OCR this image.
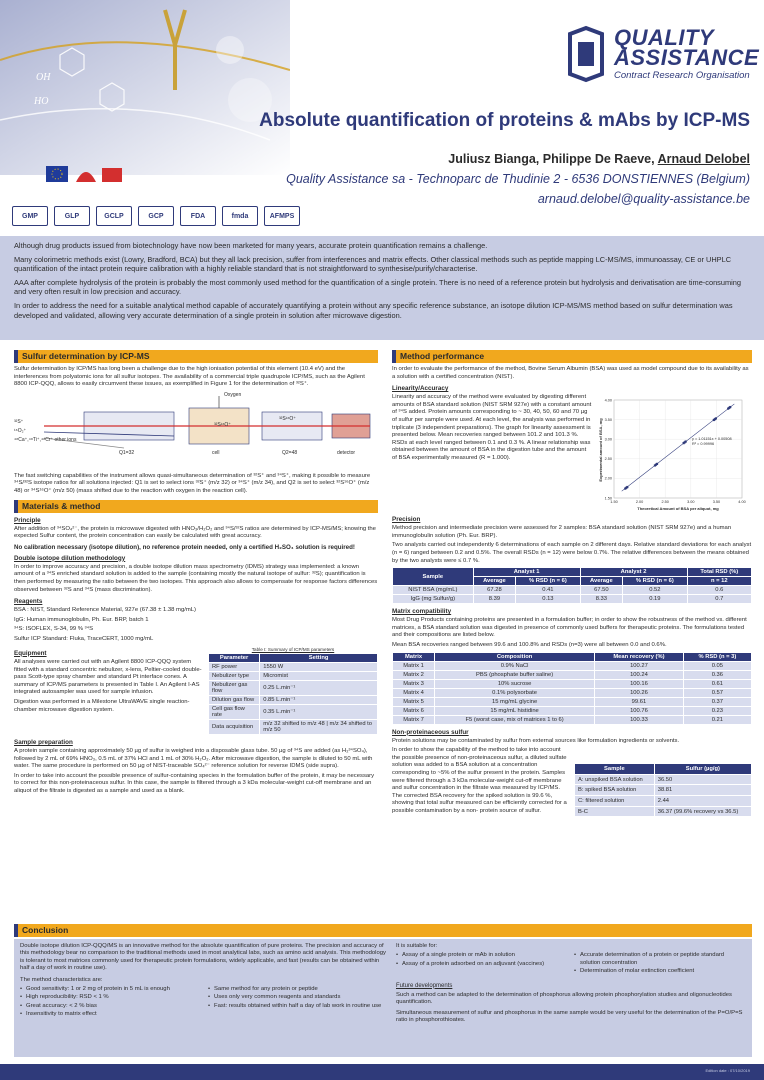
OH
HO
QUALITY
ASSISTANCE
Contract Research Organisation
Absolute quantification of proteins & mAbs by ICP-MS
Juliusz Bianga, Philippe De Raeve, Arnaud Delobel
Quality Assistance sa - Technoparc de Thudinie 2 - 6536 DONSTIENNES (Belgium)
arnaud.delobel@quality-assistance.be
GMP	GLP	GCLP	GCP	FDA	fmda	AFMPS

Although drug products issued from biotechnology have now been marketed for many years, accurate protein quantification remains a challenge.

Many colorimetric methods exist (Lowry, Bradford, BCA) but they all lack precision, suffer from interferences and matrix effects. Other classical methods such as peptide mapping LC-MS/MS, immunoassay, CE or UHPLC quantification of the intact protein require calibration with a highly reliable standard that is not straightforward to synthesise/purify/characterise.

AAA after complete hydrolysis of the protein is probably the most commonly used method for the quantification of a single protein. There is no need of a reference protein but hydrolysis and derivatisation are time-consuming and very often result in low precision and accuracy.

In order to address the need for a suitable analytical method capable of accurately quantifying a protein without any specific reference substance, an isotope dilution ICP-MS/MS method based on sulfur determination was developed and validated, allowing very accurate determination of a single protein in solution after microwave digestion.

Sulfur determination by ICP-MS

Sulfur determination by ICP/MS has long been a challenge due to the high ionisation potential of this element (10.4 eV) and the interferences from polyatomic ions for all sulfur isotopes. The availability of a commercial triple quadrupole ICP/MS, such as the Agilent 8800 ICP-QQQ, allows to easily circumvent these issues, as exemplified in Figure 1 for the determination of ³²S⁺.

³²S⁺
¹⁶O₂⁺
⁴⁸Ca⁺,⁴⁸Ti⁺,⁴⁸Cr⁺ other ions
Oxygen
³²S¹⁶O⁺
³²S¹⁶O⁺
Q1=32	cell	Q2=48	detector

The fast switching capabilities of the instrument allows quasi-simultaneous determination of ³²S⁺ and ³⁴S⁺, making it possible to measure ³⁴S/³²S isotope ratios for all solutions injected: Q1 is set to select ions ³²S⁺ (m/z 32) or ³⁴S⁺ (m/z 34), and Q2 is set to select ³²S¹⁶O⁺ (m/z 48) or ³⁴S¹⁶O⁺ (m/z 50) (mass shifted due to the reaction with oxygen in the reaction cell).

Materials & method
Principle

After addition of ³⁴SO₄²⁻, the protein is microwave digested with HNO₃/H₂O₂ and ³⁴S/³²S ratios are determined by ICP-MS/MS; knowing the expected Sulfur content, the protein concentration can easily be calculated with great accuracy.

No calibration necessary (isotope dilution), no reference protein needed, only a certified H₂SO₄ solution is required!
Double isotope dilution methodology

In order to improve accuracy and precision, a double isotope dilution mass spectrometry (IDMS) strategy was implemented: a known amount of a ³⁴S enriched standard solution is added to the sample (containing mostly the natural isotope of sulfur: ³²S); quantification is then performed by measuring the ratio between the two isotopes. This approach also allows to compensate for response factors differences observed between ³²S and ³⁴S (mass discrimination).

Reagents

BSA : NIST, Standard Reference Material, 927e (67.38 ± 1.38 mg/mL)

IgG: Human immunoglobulin, Ph. Eur. BRP, batch 1

³⁴S: ISOFLEX, S-34, 99 % ³⁴S

Sulfur ICP Standard: Fluka, TraceCERT, 1000 mg/mL

Equipment

All analyses were carried out with an Agilent 8800 ICP-QQQ system fitted with a standard concentric nebulizer, x-lens, Peltier-cooled double-pass Scott-type spray chamber and standard Pt interface cones. A summary of ICP/MS parameters is presented in Table I. An Agilent I-AS integrated autosampler was used for sample infusion.

Digestion was performed in a Milestone UltraWAVE single reaction-chamber microwave digestion system.

Table I: Summary of ICP/MS parameters
Parameter	Setting
RF power	1550 W
Nebulizer type	Micromist
Nebulizer gas flow	0.25 L.min⁻¹
Dilution gas flow	0.85 L.min⁻¹
Cell gas flow rate	0.35 L.min⁻¹
Data acquisition	m/z 32 shifted to m/z 48 | m/z 34 shifted to m/z 50
Sample preparation

A protein sample containing approximately 50 µg of sulfur is weighed into a disposable glass tube. 50 µg of ³⁴S are added (as H₂³⁴SO₄), followed by 2 mL of 69% HNO₃, 0.5 mL of 37% HCl and 1 mL of 30% H₂O₂. After microwave digestion, the sample is diluted to 50 mL with water. The same procedure is performed on 50 µg of NIST-traceable SO₄²⁻ reference solution for reverse IDMS (side supra).

In order to take into account the possible presence of sulfur-containing species in the formulation buffer of the protein, it may be necessary to correct for this non-proteinaceous sulfur. In this case, the sample is filtered through a 3 kDa molecular-weight cut-off membrane and an aliquot of the filtrate is digested as a sample and used as a blank.

Method performance

In order to evaluate the performance of the method, Bovine Serum Albumin (BSA) was used as model compound due to its availability as a solution with a certified concentration (NIST).

Linearity/Accuracy

Linearity and accuracy of the method were evaluated by digesting different amounts of BSA standard solution (NIST SRM 927e) with a constant amount of ³⁴S added. Protein amounts corresponding to ~ 30, 40, 50, 60 and 70 µg of sulfur per sample were used. At each level, the analysis was performed in triplicate (3 independent preparations). The graph for linearity assessment is presented below. Mean recoveries ranged between 101.2 and 101.3 %. RSDs at each level ranged between 0.1 and 0.3 %. A linear relationship was obtained between the amount of BSA in the digestion tube and the amount of BSA experimentally measured (R = 1.000).

1.50	2.00	2.50	3.00	3.50	4.00
1.50
2.00
2.50
3.00
3.50
4.00
y = 1.01151x + 0.00508
R² = 0.99996
Theoretical Amount of BSA per aliquot, mg
Experimental amount of BSA, mg
Precision

Method precision and intermediate precision were assessed for 2 samples: BSA standard solution (NIST SRM 927e) and a human immunoglobulin solution (Ph. Eur. BRP).

Two analysts carried out independently 6 determinations of each sample on 2 different days. Relative standard deviations for each analyst (n = 6) ranged between 0.2 and 0.5%. The overall RSDs (n = 12) were below 0.7%. The relative differences between the means obtained by the two analysts were ≤ 0.7 %.

Sample	Analyst 1		Analyst 2		Total RSD (%)
	Average	% RSD (n = 6)	Average	% RSD (n = 6)	n = 12
NIST BSA (mg/mL)	67.28	0.41	67.50	0.52	0.6
IgG (mg Sulfur/g)	8.39	0.13	8.33	0.19	0.7
Matrix compatibility

Most Drug Products containing proteins are presented in a formulation buffer; in order to show the robustness of the method vs. different matrices, a BSA standard solution was digested in presence of commonly used buffers for therapeutic proteins. The formulations tested and their compositions are listed below.

Mean BSA recoveries ranged between 99.6 and 100.8% and RSDs (n=3) were all between 0.0 and 0.6%.

Matrix	Composition	Mean recovery (%)	% RSD (n = 3)
Matrix 1	0.9% NaCl	100.27	0.05
Matrix 2	PBS (phosphate buffer saline)	100.24	0.36
Matrix 3	10% sucrose	100.16	0.61
Matrix 4	0.1% polysorbate	100.26	0.57
Matrix 5	15 mg/mL glycine	99.61	0.37
Matrix 6	15 mg/mL histidine	100.76	0.23
Matrix 7	F5 (worst case, mix of matrices 1 to 6)	100.33	0.21
Non-proteinaceous sulfur

Protein solutions may be contaminated by sulfur from external sources like formulation ingredients or solvents.

In order to show the capability of the method to take into account the possible presence of non-proteinaceous sulfur, a diluted sulfate solution was added to a BSA solution at a concentration corresponding to ~5% of the sulfur present in the protein. Samples were filtered through a 3 kDa molecular-weight cut-off membrane and sulfur concentration in the filtrate was measured by ICP/MS. The corrected BSA recovery for the spiked solution is 99.6 %, showing that total sulfur measured can be efficiently corrected for a possible contamination by a non- protein source of sulfur.

Sample	Sulfur (µg/g)
A: unspiked BSA solution	36.50
B: spiked BSA solution	38.81
C: filtered solution	2.44
B-C	36.37 (99.6% recovery vs 36.5)
Conclusion

Double isotope dilution ICP-QQQ/MS is an innovative method for the absolute quantification of pure proteins. The precision and accuracy of this methodology bear no comparison to the traditional methods used in most analytical labs, such as amino acid analysis. This methodology is tolerant to most matrices commonly used for therapeutic protein formulations, widely applicable, and fast (results can be obtained within half a day of work in routine use).

The method characteristics are:

• Good sensitivity: 1 or 2 mg of protein in 5 mL is enough
• High reproducibility: RSD < 1 %
• Great accuracy: < 2 % bias
• Insensitivity to matrix effect
• Same method for any protein or peptide
• Uses only very common reagents and standards
• Fast: results obtained within half a day of lab work in routine use

It is suitable for:

• Assay of a single protein or mAb in solution
• Assay of a protein adsorbed on an adjuvant (vaccines)
• Accurate determination of a protein or peptide standard solution concentration
• Determination of molar extinction coefficient
Future developments

Such a method can be adapted to the determination of phosphorus allowing protein phosphorylation studies and oligonucleotides quantification.

Simultaneous measurement of sulfur and phosphorus in the same sample would be very useful for the determination of the P=O/P=S ratio in phosphorothioates.

Edition date : 07/10/2019
